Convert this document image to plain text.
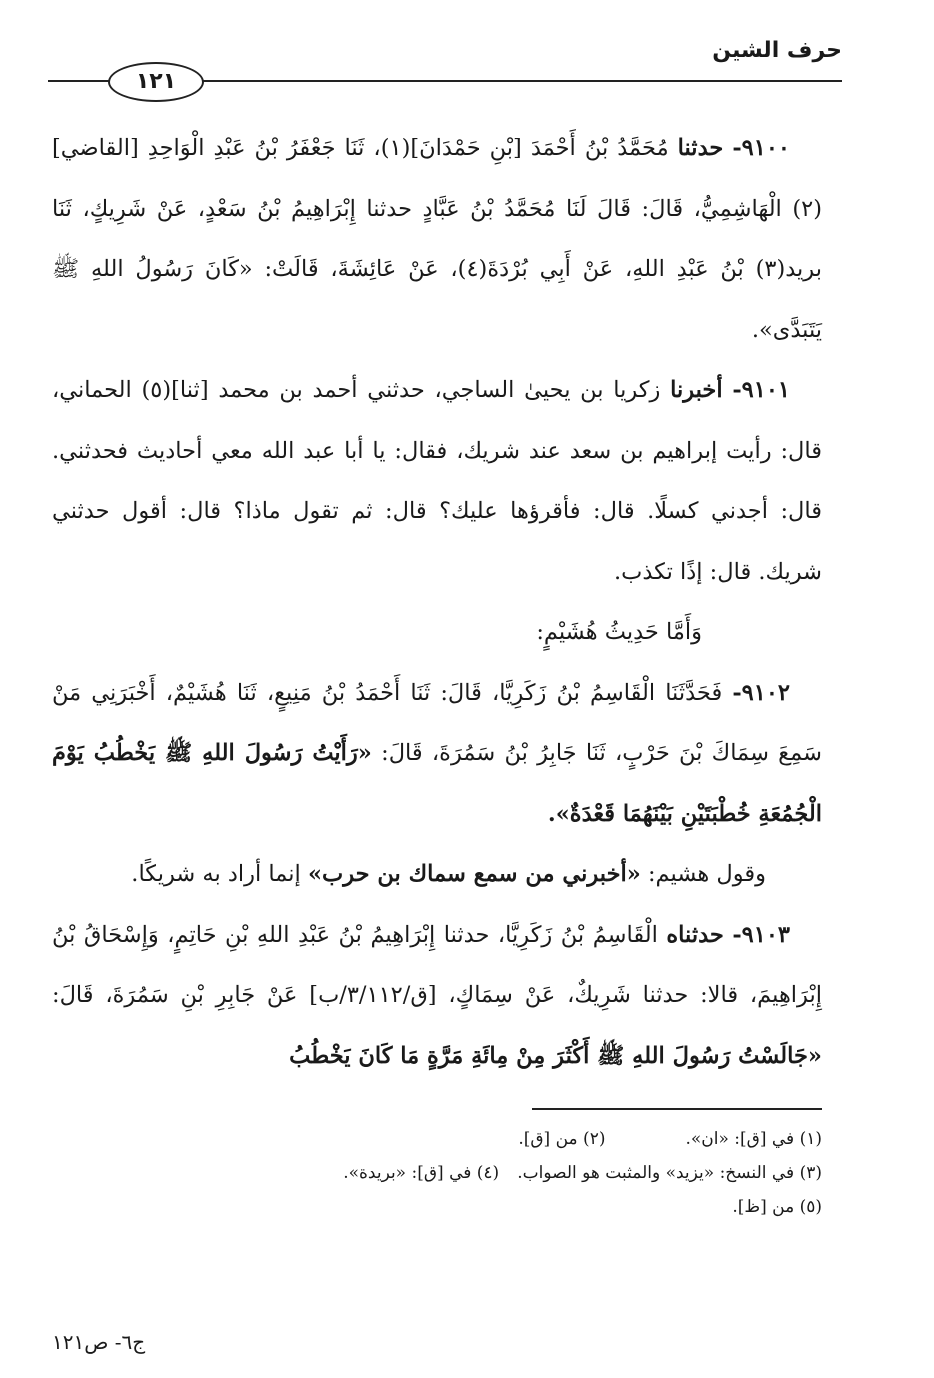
حرف الشين
١٢١

٩١٠٠- حدثنا مُحَمَّدُ بْنُ أَحْمَدَ [بْنِ حَمْدَانَ](١)، ثَنَا جَعْفَرُ بْنُ عَبْدِ الْوَاحِدِ [القاضي](٢) الْهَاشِمِيُّ، قَالَ: قَالَ لَنَا مُحَمَّدُ بْنُ عَبَّادٍ حدثنا إِبْرَاهِيمُ بْنُ سَعْدٍ، عَنْ شَرِيكٍ، ثَنَا بريد(٣) بْنُ عَبْدِ اللهِ، عَنْ أَبِي بُرْدَةَ(٤)، عَنْ عَائِشَةَ، قَالَتْ: «كَانَ رَسُولُ اللهِ ﷺ يَتَبَدَّى».

٩١٠١- أخبرنا زكريا بن يحيىٰ الساجي، حدثني أحمد بن محمد [ثنا](٥) الحماني، قال: رأيت إبراهيم بن سعد عند شريك، فقال: يا أبا عبد الله معي أحاديث فحدثني. قال: أجدني كسلًا. قال: فأقرؤها عليك؟ قال: ثم تقول ماذا؟ قال: أقول حدثني شريك. قال: إذًا تكذب.

وَأَمَّا حَدِيثُ هُشَيْمٍ:

٩١٠٢- فَحَدَّثَنَا الْقَاسِمُ بْنُ زَكَرِيَّا، قَالَ: ثَنَا أَحْمَدُ بْنُ مَنِيعٍ، ثَنَا هُشَيْمٌ، أَخْبَرَنِي مَنْ سَمِعَ سِمَاكَ بْنَ حَرْبٍ، ثَنَا جَابِرُ بْنُ سَمُرَةَ، قَالَ: «رَأَيْتُ رَسُولَ اللهِ ﷺ يَخْطُبُ يَوْمَ الْجُمُعَةِ خُطْبَتَيْنِ بَيْنَهُمَا قَعْدَةٌ».

وقول هشيم: «أخبرني من سمع سماك بن حرب» إنما أراد به شريكًا.

٩١٠٣- حدثناه الْقَاسِمُ بْنُ زَكَرِيَّا، حدثنا إِبْرَاهِيمُ بْنُ عَبْدِ اللهِ بْنِ حَاتِمٍ، وَإِسْحَاقُ بْنُ إِبْرَاهِيمَ، قالا: حدثنا شَرِيكٌ، عَنْ سِمَاكٍ، [ق/٣/١١٢/ب] عَنْ جَابِرِ بْنِ سَمُرَةَ، قَالَ: «جَالَسْتُ رَسُولَ اللهِ ﷺ أَكْثَرَ مِنْ مِائَةِ مَرَّةٍ مَا كَانَ يَخْطُبُ

(١) في [ق]: «ان».(٢) من [ق].
(٣) في النسخ: «يزيد» والمثبت هو الصواب.(٤) في [ق]: «بريدة».
(٥) من [ظ].
ج٦- ص١٢١
